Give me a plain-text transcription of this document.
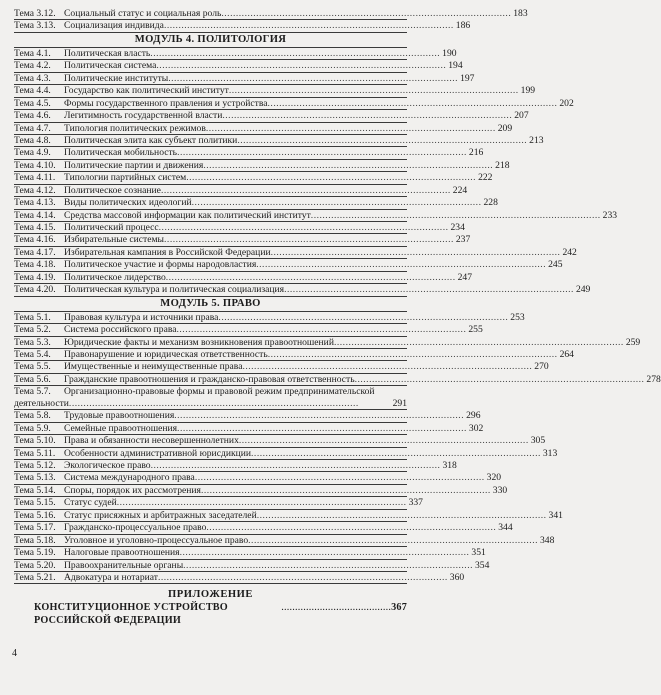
Тема 3.12. Социальный статус и социальная роль .................................................................................................... 183
Тема 3.13. Социализация индивида .................................................................................................... 186
МОДУЛЬ 4. ПОЛИТОЛОГИЯ
Тема 4.1.	Политическая власть .................................................................................................... 190
Тема 4.2.	Политическая система .................................................................................................... 194
Тема 4.3.	Политические институты .................................................................................................... 197
Тема 4.4.	Государство как политический институт .................................................................................................... 199
Тема 4.5.	Формы государственного правления и устройства .................................................................................................... 202
Тема 4.6.	Легитимность государственной власти .................................................................................................... 207
Тема 4.7.	Типология политических режимов .................................................................................................... 209
Тема 4.8.	Политическая элита как субъект политики .................................................................................................... 213
Тема 4.9.	Политическая мобильность .................................................................................................... 216
Тема 4.10. Политические партии и движения .................................................................................................... 218
Тема 4.11. Типологии партийных систем .................................................................................................... 222
Тема 4.12. Политическое сознание .................................................................................................... 224
Тема 4.13. Виды политических идеологий .................................................................................................... 228
Тема 4.14. Средства массовой информации как политический институт .................................................................................................... 233
Тема 4.15. Политический процесс .................................................................................................... 234
Тема 4.16. Избирательные системы .................................................................................................... 237
Тема 4.17. Избирательная кампания в Российской Федерации .................................................................................................... 242
Тема 4.18. Политическое участие и формы народовластия .................................................................................................... 245
Тема 4.19. Политическое лидерство .................................................................................................... 247
Тема 4.20. Политическая культура и политическая социализация .................................................................................................... 249
МОДУЛЬ 5. ПРАВО
Тема 5.1.	Правовая культура и источники права .................................................................................................... 253
Тема 5.2.	Система российского права .................................................................................................... 255
Тема 5.3.	Юридические факты и механизм возникновения правоотношений .................................................................................................... 259
Тема 5.4.	Правонарушение и юридическая ответственность .................................................................................................... 264
Тема 5.5.	Имущественные и неимущественные права .................................................................................................... 270
Тема 5.6.	Гражданские правоотношения и гражданско-правовая ответственность .................................................................................................... 278
Тема 5.7.	Организационно-правовые формы и правовой режим предпринимательской
деятельности ....................................................................................................	291
Тема 5.8.	Трудовые правоотношения .................................................................................................... 296
Тема 5.9.	Семейные правоотношения .................................................................................................... 302
Тема 5.10. Права и обязанности несовершеннолетних .................................................................................................... 305
Тема 5.11. Особенности административной юрисдикции .................................................................................................... 313
Тема 5.12. Экологическое право .................................................................................................... 318
Тема 5.13. Система международного права .................................................................................................... 320
Тема 5.14. Споры, порядок их рассмотрения .................................................................................................... 330
Тема 5.15. Статус судей .................................................................................................... 337
Тема 5.16. Статус присяжных и арбитражных заседателей .................................................................................................... 341
Тема 5.17. Гражданско-процессуальное право .................................................................................................... 344
Тема 5.18. Уголовное и уголовно-процессуальное право .................................................................................................... 348
Тема 5.19. Налоговые правоотношения .................................................................................................... 351
Тема 5.20. Правоохранительные органы .................................................................................................... 354
Тема 5.21. Адвокатура и нотариат .................................................................................................... 360
ПРИЛОЖЕНИЕ
КОНСТИТУЦИОННОЕ УСТРОЙСТВО РОССИЙСКОЙ ФЕДЕРАЦИИ
........................................ 367
4
